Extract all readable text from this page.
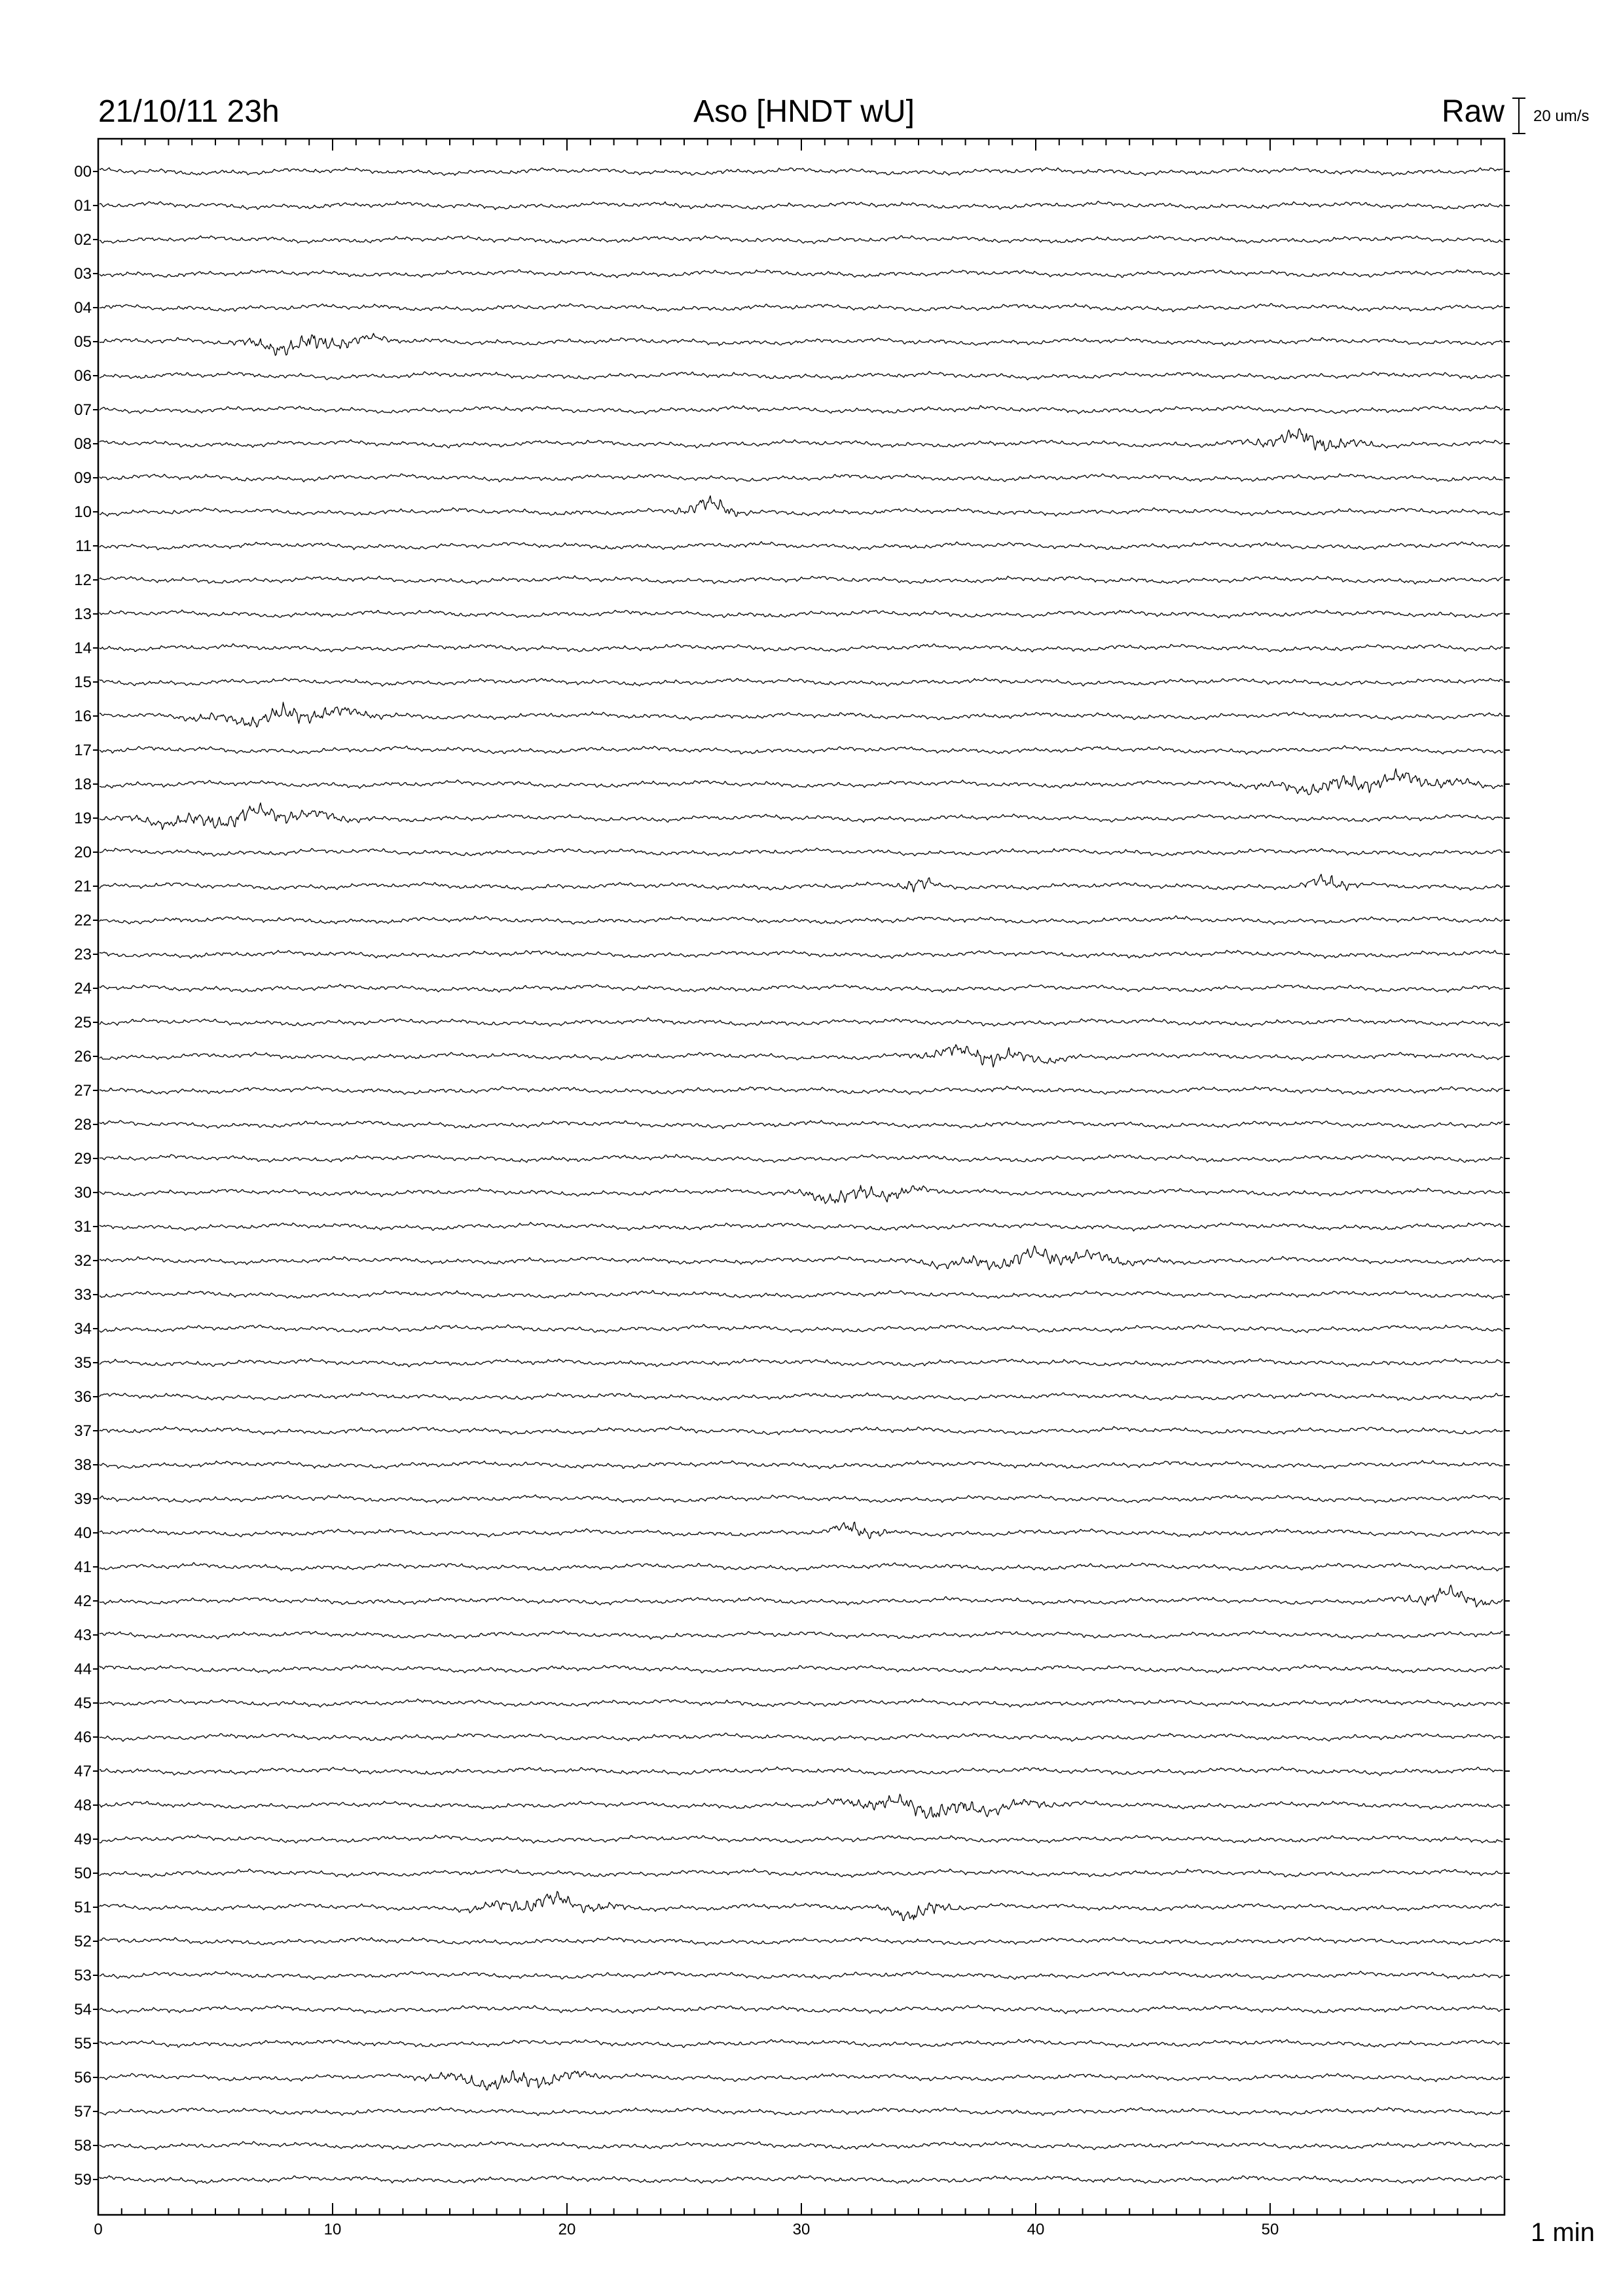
21/10/11 23h	Aso [HNDT wU]	Raw 20 um/s
00
01
02
03
04
05
06
07
08
09
10
11
12
13
14
15
16
17
18
19
20
21
22
23
24
25
26
27
28
29
30
31
32
33
34
35
36
37
38
39
40
41
42
43
44
45
46
47
48
49
50
51
52
53
54
55
56
57
58
59
0	10	20	30	40	50	1 min
